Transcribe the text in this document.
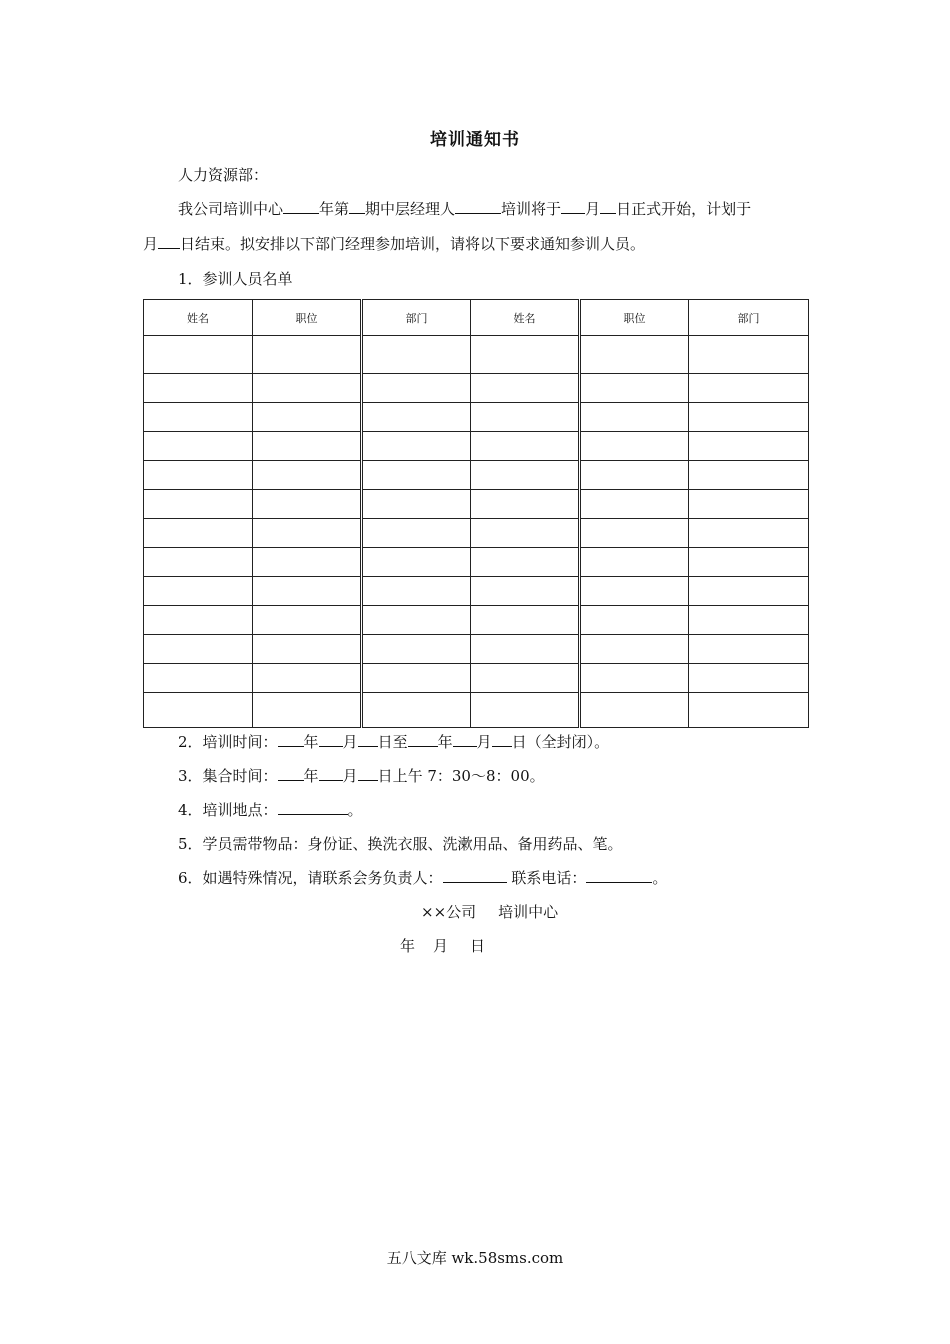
培训通知书
人力资源部：
我公司培训中心 年第 期中层经理人	培训将于 月 日正式开始，计划于
月 日结束。拟安排以下部门经理参加培训，请将以下要求通知参训人员。
1．参训人员名单
姓名	职位	部门	姓名	职位	部门

2．培训时间： 年 月 日至 年 月 日（全封闭）。
3．集合时间： 年 月 日上午 7：30～8：00。
4．培训地点：	。
5．学员需带物品：身份证、换洗衣服、洗漱用品、备用药品、笔。
6．如遇特殊情况，请联系会务负责人：	联系电话：	。
××公司 培训中心
年 月 日
五八文库 wk.58sms.com
